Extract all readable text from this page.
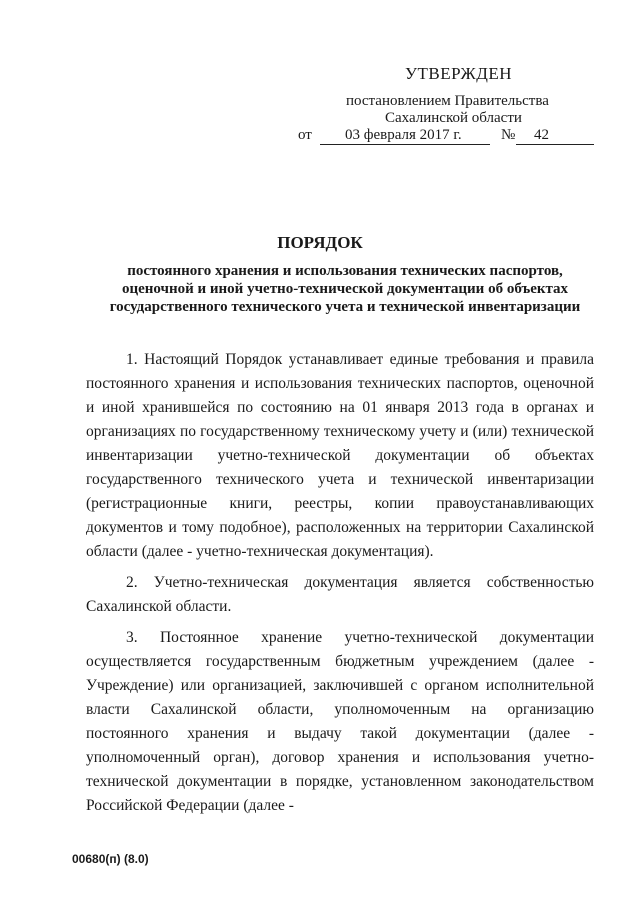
УТВЕРЖДЕН
постановлением Правительства
Сахалинской области
от 03 февраля 2017 г.	№ 42
ПОРЯДОК
постоянного хранения и использования технических паспортов, оценочной и иной учетно-технической документации об объектах государственного технического учета и технической инвентаризации

1. Настоящий Порядок устанавливает единые требования и правила постоянного хранения и использования технических паспортов, оценочной и иной хранившейся по состоянию на 01 января 2013 года в органах и организациях по государственному техническому учету и (или) технической инвентаризации учетно-технической документации об объектах государственного технического учета и технической инвентаризации (регистрационные книги, реестры, копии правоустанавливающих документов и тому подобное), расположенных на территории Сахалинской области (далее - учетно-техническая документация).

2. Учетно-техническая документация является собственностью Сахалинской области.

3. Постоянное хранение учетно-технической документации осуществляется государственным бюджетным учреждением (далее - Учреждение) или организацией, заключившей с органом исполнительной власти Сахалинской области, уполномоченным на организацию постоянного хранения и выдачу такой документации (далее - уполномоченный орган), договор хранения и использования учетно-технической документации в порядке, установленном законодательством Российской Федерации (далее -

00680(п) (8.0)
